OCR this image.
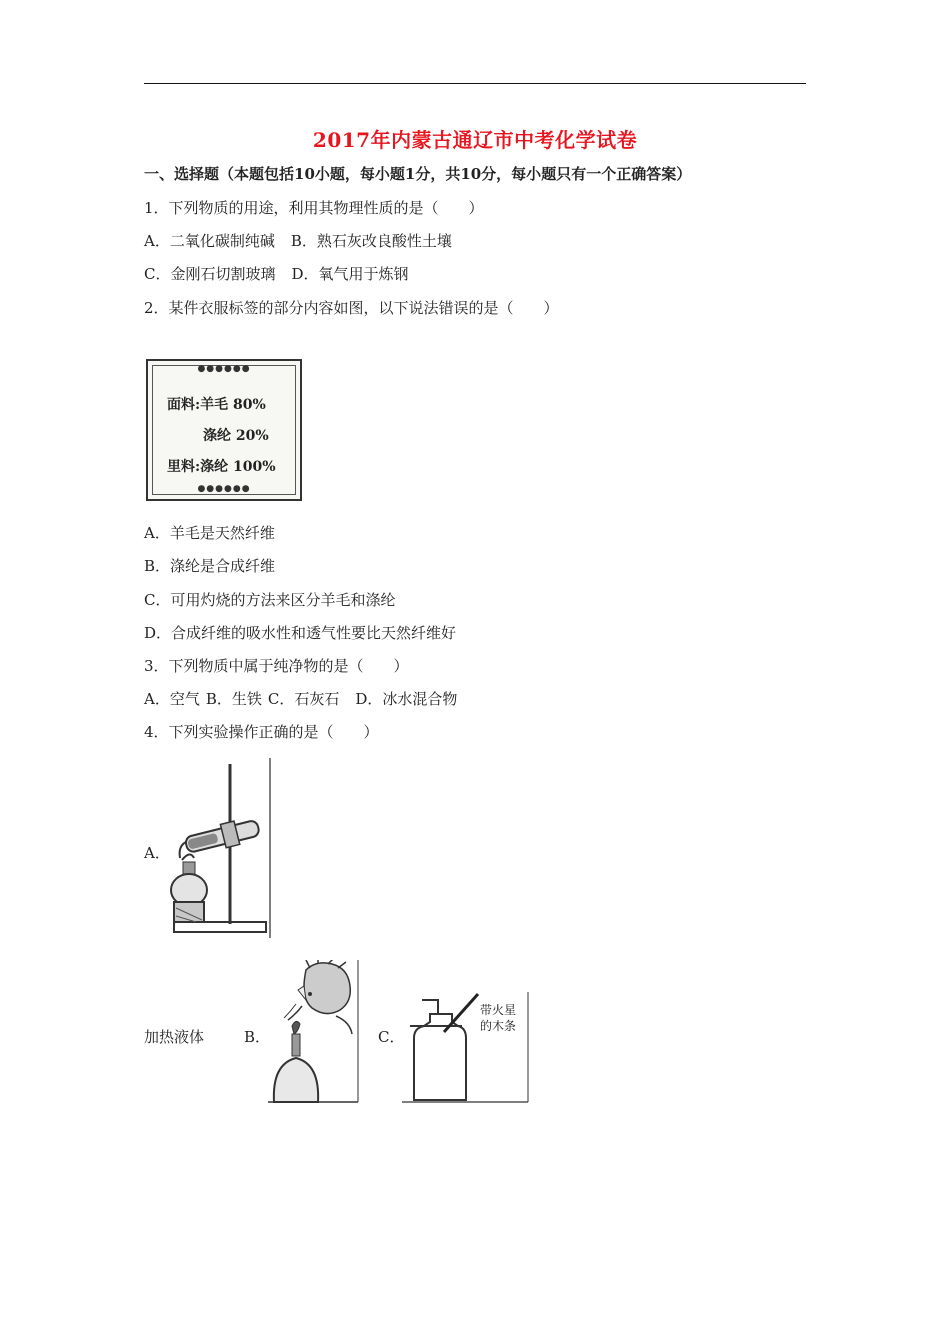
2017年内蒙古通辽市中考化学试卷
一、选择题（本题包括10小题，每小题1分，共10分，每小题只有一个正确答案）
1．下列物质的用途，利用其物理性质的是（　　）
A．二氧化碳制纯碱 B．熟石灰改良酸性土壤
C．金刚石切割玻璃 D．氧气用于炼钢
2．某件衣服标签的部分内容如图，以下说法错误的是（　　）
●●●●●●
面料:羊毛 80%
涤纶 20%
里料:涤纶 100%
●●●●●●
A．羊毛是天然纤维
B．涤纶是合成纤维
C．可用灼烧的方法来区分羊毛和涤纶
D．合成纤维的吸水性和透气性要比天然纤维好
3．下列物质中属于纯净物的是（　　）
A．空气 B．生铁 C．石灰石 D．冰水混合物
4．下列实验操作正确的是（　　）
A．
加热液体	B．	C．
带火星
的木条
